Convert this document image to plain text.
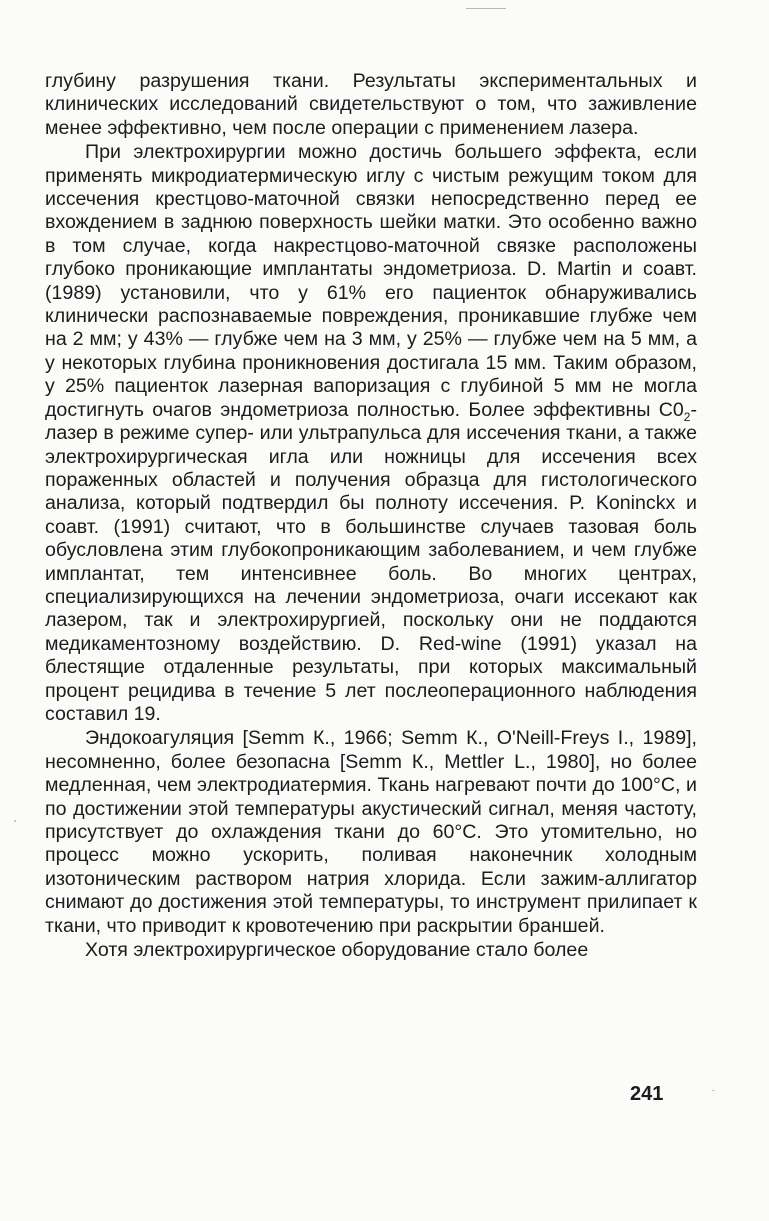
глубину разрушения ткани. Результаты экспериментальных и клинических исследований свидетельствуют о том, что заживление менее эффективно, чем после операции с применением лазера.

При электрохирургии можно достичь большего эффекта, если применять микродиатермическую иглу с чистым режущим током для иссечения крестцово-маточной связки непосредственно перед ее вхождением в заднюю поверхность шейки матки. Это особенно важно в том случае, когда накрестцово-маточной связке расположены глубоко проникающие имплантаты эндометриоза. D. Martin и соавт. (1989) установили, что у 61% его пациенток обнаруживались клинически распознаваемые повреждения, проникавшие глубже чем на 2 мм; у 43% — глубже чем на 3 мм, у 25% — глубже чем на 5 мм, а у некоторых глубина проникновения достигала 15 мм. Таким образом, у 25% пациенток лазерная вапоризация с глубиной 5 мм не могла достигнуть очагов эндометриоза полностью. Более эффективны $С0_2$-лазер в режиме супер- или ультрапульса для иссечения ткани, а также электрохирургическая игла или ножницы для иссечения всех пораженных областей и получения образца для гистологического анализа, который подтвердил бы полноту иссечения. P. Koninckx и соавт. (1991) считают, что в большинстве случаев тазовая боль обусловлена этим глубокопроникающим заболеванием, и чем глубже имплантат, тем интенсивнее боль. Во многих центрах, специализирующихся на лечении эндометриоза, очаги иссекают как лазером, так и электрохирургией, поскольку они не поддаются медикаментозному воздействию. D. Red-wine (1991) указал на блестящие отдаленные результаты, при которых максимальный процент рецидива в течение 5 лет послеоперационного наблюдения составил 19.

Эндокоагуляция [Semm К., 1966; Semm К., O'Neill-Freys I., 1989], несомненно, более безопасна [Semm К., Mettler L., 1980], но более медленная, чем электродиатермия. Ткань нагревают почти до 100°С, и по достижении этой температуры акустический сигнал, меняя частоту, присутствует до охлаждения ткани до 60°С. Это утомительно, но процесс можно ускорить, поливая наконечник холодным изотоническим раствором натрия хлорида. Если зажим-аллигатор снимают до достижения этой температуры, то инструмент прилипает к ткани, что приводит к кровотечению при раскрытии браншей.

Хотя электрохирургическое оборудование стало более

241
